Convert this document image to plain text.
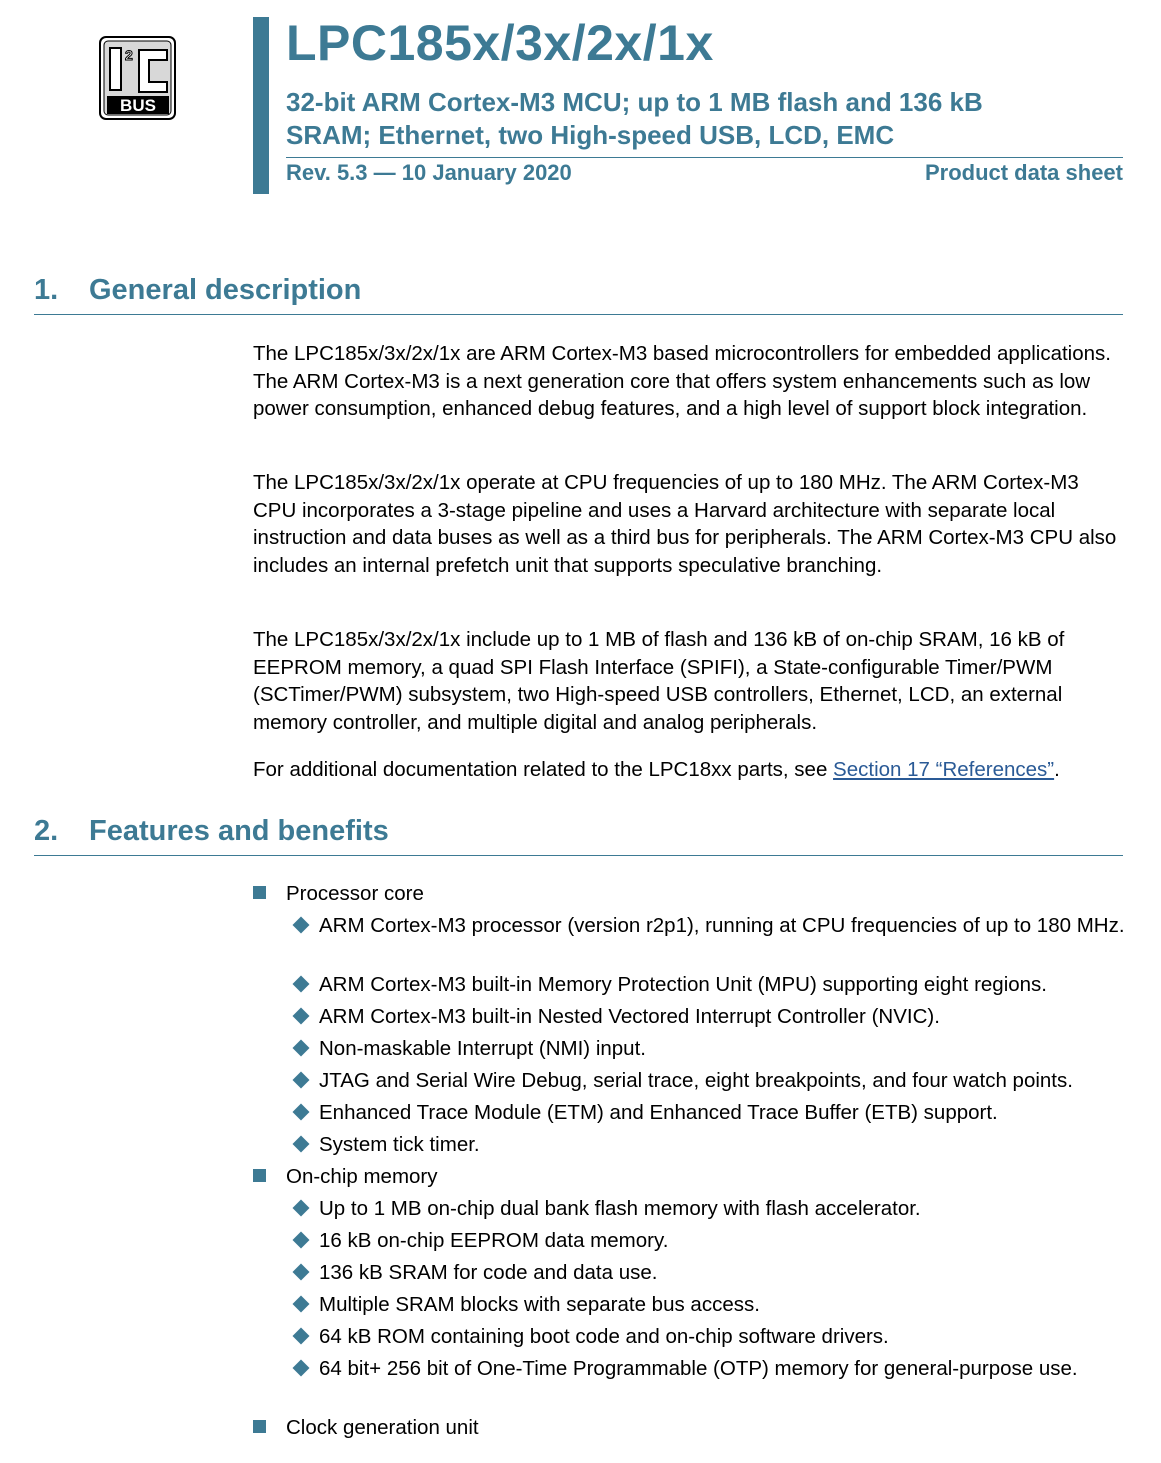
2
BUS
LPC185x/3x/2x/1x
32-bit ARM Cortex-M3 MCU; up to 1 MB flash and 136 kB
SRAM; Ethernet, two High-speed USB, LCD, EMC
Rev. 5.3 — 10 January 2020	Product data sheet
1. General description
The LPC185x/3x/2x/1x are ARM Cortex-M3 based microcontrollers for embedded applications. The ARM Cortex-M3 is a next generation core that offers system enhancements such as low power consumption, enhanced debug features, and a high level of support block integration.
The LPC185x/3x/2x/1x operate at CPU frequencies of up to 180 MHz. The ARM Cortex-M3 CPU incorporates a 3-stage pipeline and uses a Harvard architecture with separate local instruction and data buses as well as a third bus for peripherals. The ARM Cortex-M3 CPU also includes an internal prefetch unit that supports speculative branching.
The LPC185x/3x/2x/1x include up to 1 MB of flash and 136 kB of on-chip SRAM, 16 kB of EEPROM memory, a quad SPI Flash Interface (SPIFI), a State-configurable Timer/PWM (SCTimer/PWM) subsystem, two High-speed USB controllers, Ethernet, LCD, an external memory controller, and multiple digital and analog peripherals.
For additional documentation related to the LPC18xx parts, see Section 17 “References”.
2. Features and benefits
Processor core
ARM Cortex-M3 processor (version r2p1), running at CPU frequencies of up to 180 MHz.
ARM Cortex-M3 built-in Memory Protection Unit (MPU) supporting eight regions.
ARM Cortex-M3 built-in Nested Vectored Interrupt Controller (NVIC).
Non-maskable Interrupt (NMI) input.
JTAG and Serial Wire Debug, serial trace, eight breakpoints, and four watch points.
Enhanced Trace Module (ETM) and Enhanced Trace Buffer (ETB) support.
System tick timer.
On-chip memory
Up to 1 MB on-chip dual bank flash memory with flash accelerator.
16 kB on-chip EEPROM data memory.
136 kB SRAM for code and data use.
Multiple SRAM blocks with separate bus access.
64 kB ROM containing boot code and on-chip software drivers.
64 bit+ 256 bit of One-Time Programmable (OTP) memory for general-purpose use.
Clock generation unit
